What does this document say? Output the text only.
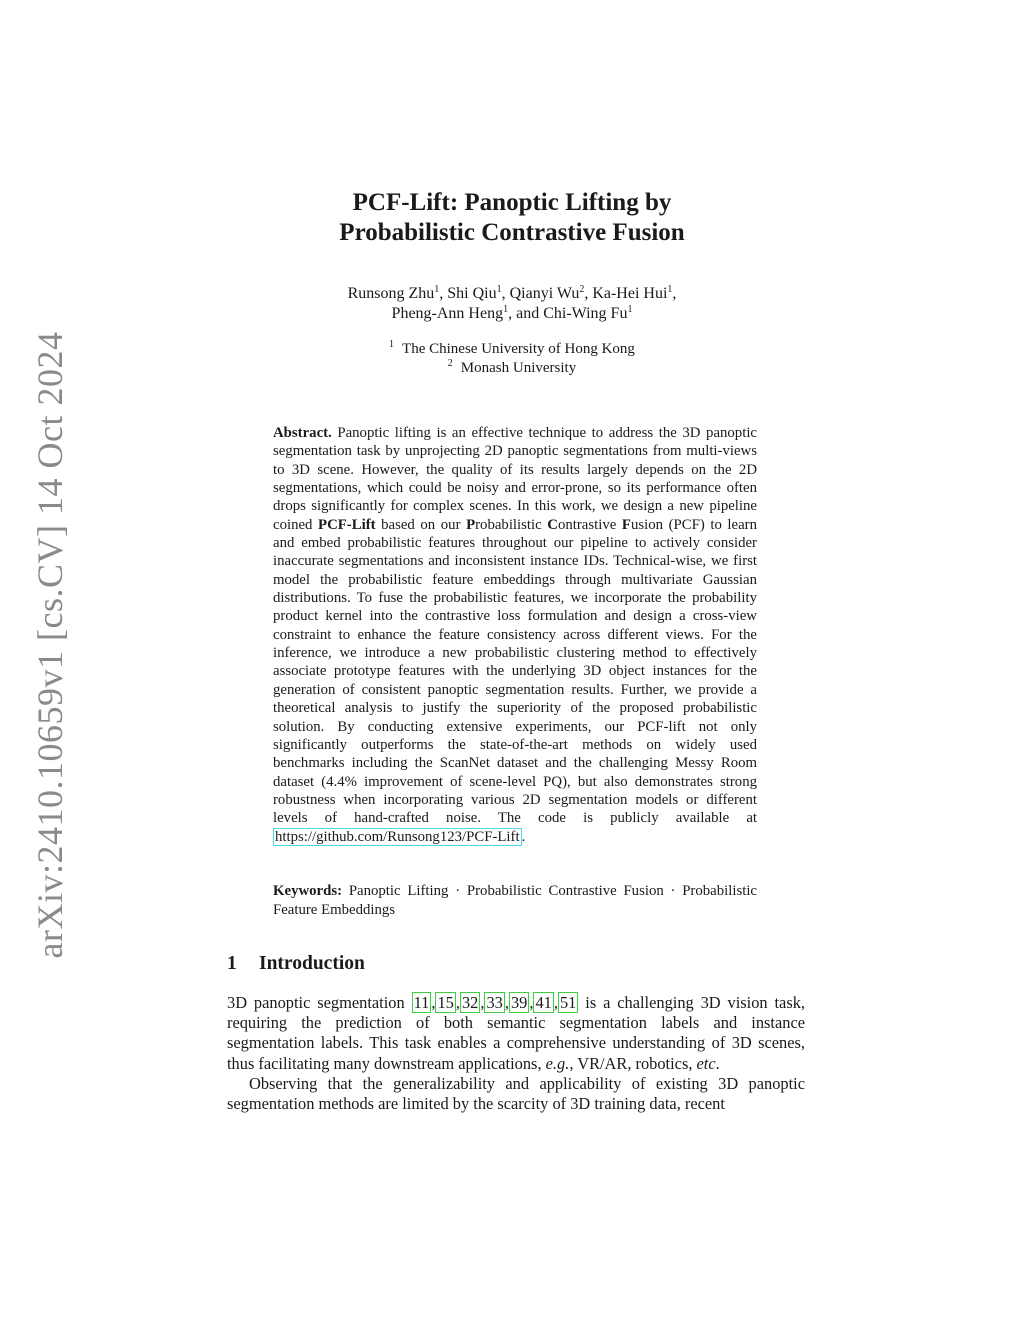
arXiv:2410.10659v1 [cs.CV] 14 Oct 2024
PCF-Lift: Panoptic Lifting by
Probabilistic Contrastive Fusion
Runsong Zhu$^1$, Shi Qiu$^1$, Qianyi Wu$^2$, Ka-Hei Hui$^1$,
Pheng-Ann Heng$^1$, and Chi-Wing Fu$^1$
$^1$ The Chinese University of Hong Kong
$^2$ Monash University
Abstract. Panoptic lifting is an effective technique to address the 3D panoptic segmentation task by unprojecting 2D panoptic segmentations from multi-views to 3D scene. However, the quality of its results largely depends on the 2D segmentations, which could be noisy and error-prone, so its performance often drops significantly for complex scenes. In this work, we design a new pipeline coined PCF-Lift based on our Probabilistic Contrastive Fusion (PCF) to learn and embed probabilistic features throughout our pipeline to actively consider inaccurate segmentations and inconsistent instance IDs. Technical-wise, we first model the probabilistic feature embeddings through multivariate Gaussian distributions. To fuse the probabilistic features, we incorporate the probability product kernel into the contrastive loss formulation and design a cross-view constraint to enhance the feature consistency across different views. For the inference, we introduce a new probabilistic clustering method to effectively associate prototype features with the underlying 3D object instances for the generation of consistent panoptic segmentation results. Further, we provide a theoretical analysis to justify the superiority of the proposed probabilistic solution. By conducting extensive experiments, our PCF-lift not only significantly outperforms the state-of-the-art methods on widely used benchmarks including the ScanNet dataset and the challenging Messy Room dataset (4.4% improvement of scene-level PQ), but also demonstrates strong robustness when incorporating various 2D segmentation models or different levels of hand-crafted noise. The code is publicly available at https://github.com/Runsong123/PCF-Lift .
Keywords: Panoptic Lifting · Probabilistic Contrastive Fusion · Probabilistic Feature Embeddings
1 Introduction

3D panoptic segmentation 11 , 15 , 32 , 33 , 39 , 41 , 51 is a challenging 3D vision task, requiring the prediction of both semantic segmentation labels and instance segmentation labels. This task enables a comprehensive understanding of 3D scenes, thus facilitating many downstream applications, e.g., VR/AR, robotics, etc.

Observing that the generalizability and applicability of existing 3D panoptic segmentation methods are limited by the scarcity of 3D training data, recent
